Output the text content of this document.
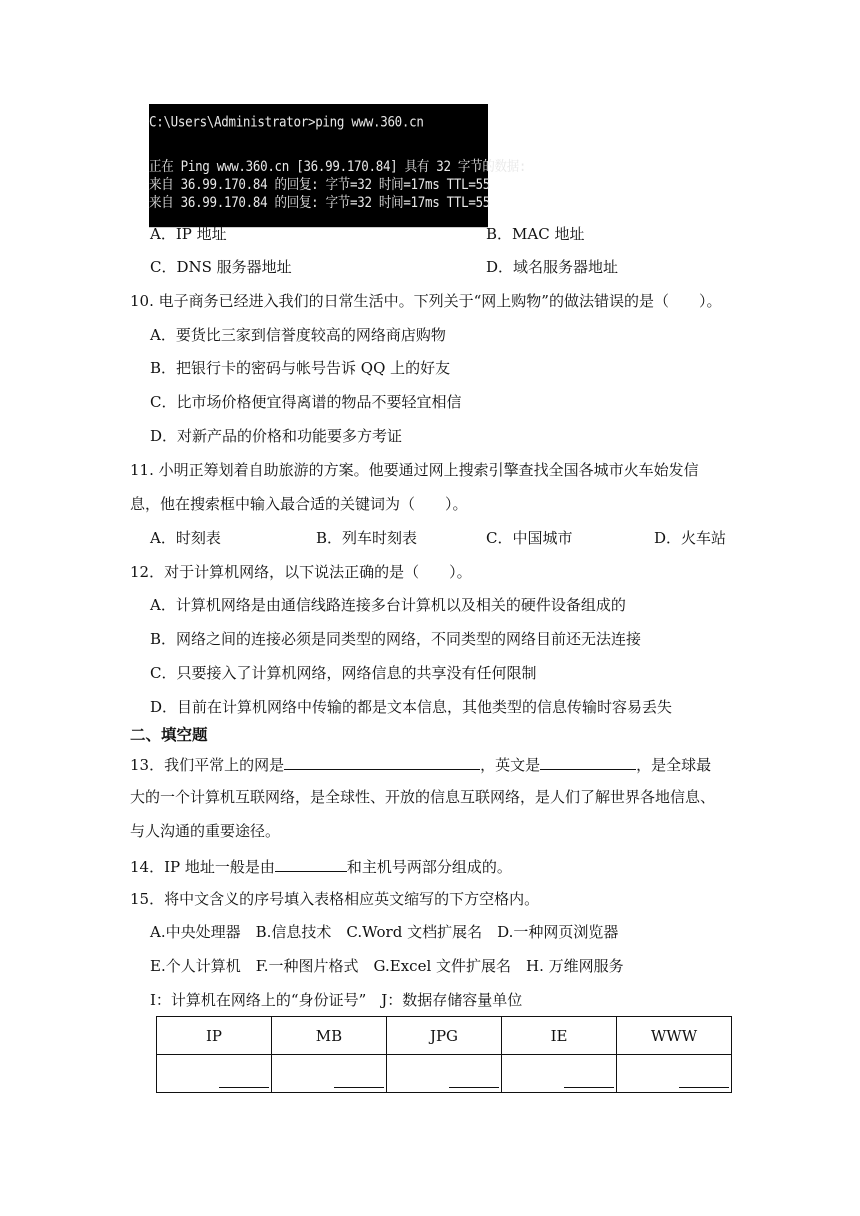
C:\Users\Administrator>ping www.360.cn
正在 Ping www.360.cn [36.99.170.84] 具有 32 字节的数据:
来自 36.99.170.84 的回复: 字节=32 时间=17ms TTL=55
来自 36.99.170.84 的回复: 字节=32 时间=17ms TTL=55
A．IP 地址	B．MAC 地址
C．DNS 服务器地址	D．域名服务器地址
10. 电子商务已经进入我们的日常生活中。下列关于“网上购物”的做法错误的是（　　）。
A．要货比三家到信誉度较高的网络商店购物
B．把银行卡的密码与帐号告诉 QQ 上的好友
C．比市场价格便宜得离谱的物品不要轻宜相信
D．对新产品的价格和功能要多方考证
11. 小明正筹划着自助旅游的方案。他要通过网上搜索引擎查找全国各城市火车始发信
息，他在搜索框中输入最合适的关键词为（　　）。
A．时刻表	B．列车时刻表	C．中国城市	D．火车站
12．对于计算机网络，以下说法正确的是（　　）。
A．计算机网络是由通信线路连接多台计算机以及相关的硬件设备组成的
B．网络之间的连接必须是同类型的网络，不同类型的网络目前还无法连接
C．只要接入了计算机网络，网络信息的共享没有任何限制
D．目前在计算机网络中传输的都是文本信息，其他类型的信息传输时容易丢失
二、填空题
13．我们平常上的网是	，英文是	，是全球最
大的一个计算机互联网络，是全球性、开放的信息互联网络，是人们了解世界各地信息、
与人沟通的重要途径。
14．IP 地址一般是由	和主机号两部分组成的。
15．将中文含义的序号填入表格相应英文缩写的下方空格内。
A.中央处理器　B.信息技术　C.Word 文档扩展名　D.一种网页浏览器
E.个人计算机　F.一种图片格式　G.Excel 文件扩展名　H. 万维网服务
I：计算机在网络上的“身份证号”　J：数据存储容量单位
IP	MB	JPG	IE	WWW
